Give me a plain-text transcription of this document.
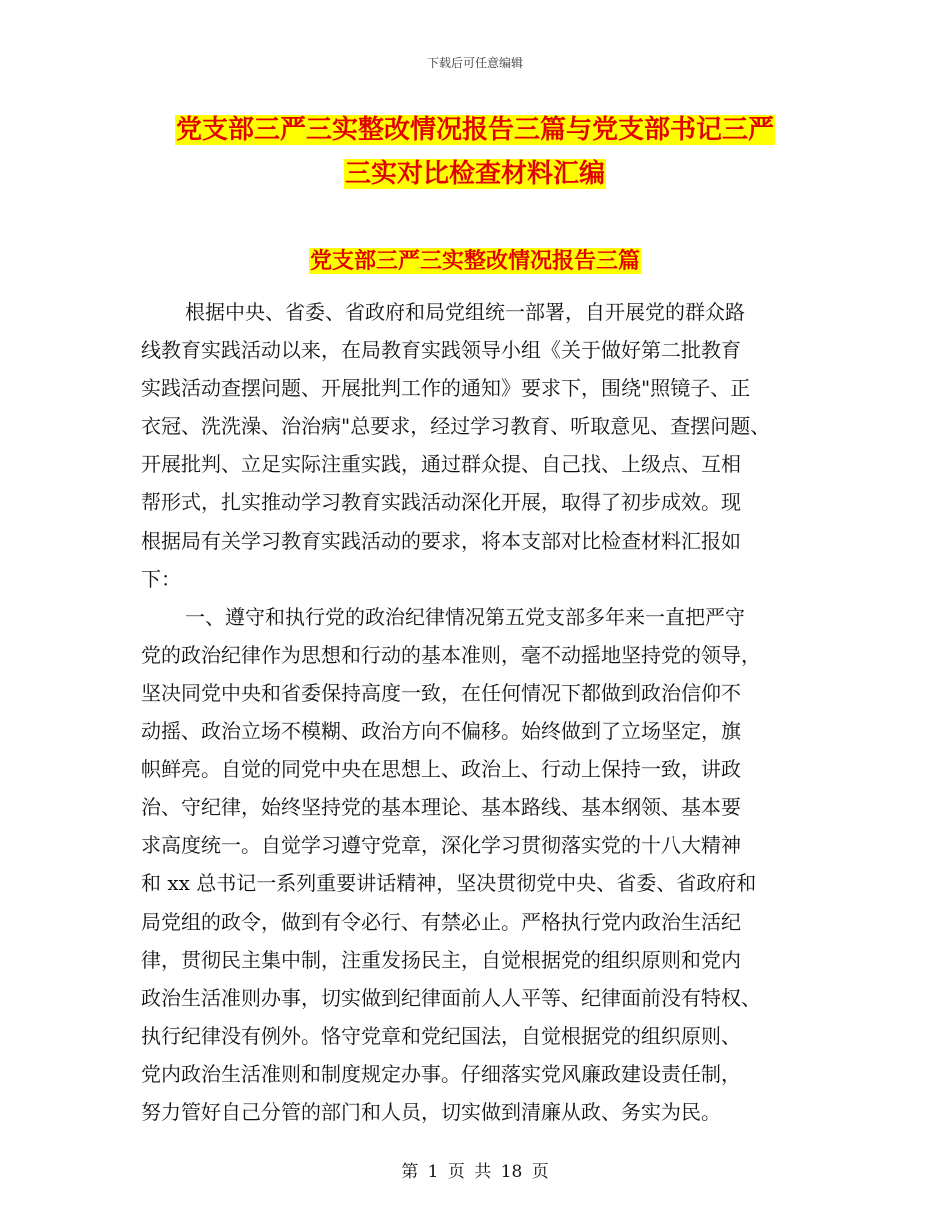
下载后可任意编辑
党支部三严三实整改情况报告三篇与党支部书记三严
三实对比检查材料汇编
党支部三严三实整改情况报告三篇
根据中央、省委、省政府和局党组统一部署，自开展党的群众路
线教育实践活动以来，在局教育实践领导小组《关于做好第二批教育
实践活动查摆问题、开展批判工作的通知》要求下，围绕"照镜子、正
衣冠、洗洗澡、治治病"总要求，经过学习教育、听取意见、查摆问题、
开展批判、立足实际注重实践，通过群众提、自己找、上级点、互相
帮形式，扎实推动学习教育实践活动深化开展，取得了初步成效。现
根据局有关学习教育实践活动的要求，将本支部对比检查材料汇报如
下：
一、遵守和执行党的政治纪律情况第五党支部多年来一直把严守
党的政治纪律作为思想和行动的基本准则，毫不动摇地坚持党的领导，
坚决同党中央和省委保持高度一致，在任何情况下都做到政治信仰不
动摇、政治立场不模糊、政治方向不偏移。始终做到了立场坚定，旗
帜鲜亮。自觉的同党中央在思想上、政治上、行动上保持一致，讲政
治、守纪律，始终坚持党的基本理论、基本路线、基本纲领、基本要
求高度统一。自觉学习遵守党章，深化学习贯彻落实党的十八大精神
和 xx 总书记一系列重要讲话精神，坚决贯彻党中央、省委、省政府和
局党组的政令，做到有令必行、有禁必止。严格执行党内政治生活纪
律，贯彻民主集中制，注重发扬民主，自觉根据党的组织原则和党内
政治生活准则办事，切实做到纪律面前人人平等、纪律面前没有特权、
执行纪律没有例外。恪守党章和党纪国法，自觉根据党的组织原则、
党内政治生活准则和制度规定办事。仔细落实党风廉政建设责任制，
努力管好自己分管的部门和人员，切实做到清廉从政、务实为民。
第 1 页 共 18 页
